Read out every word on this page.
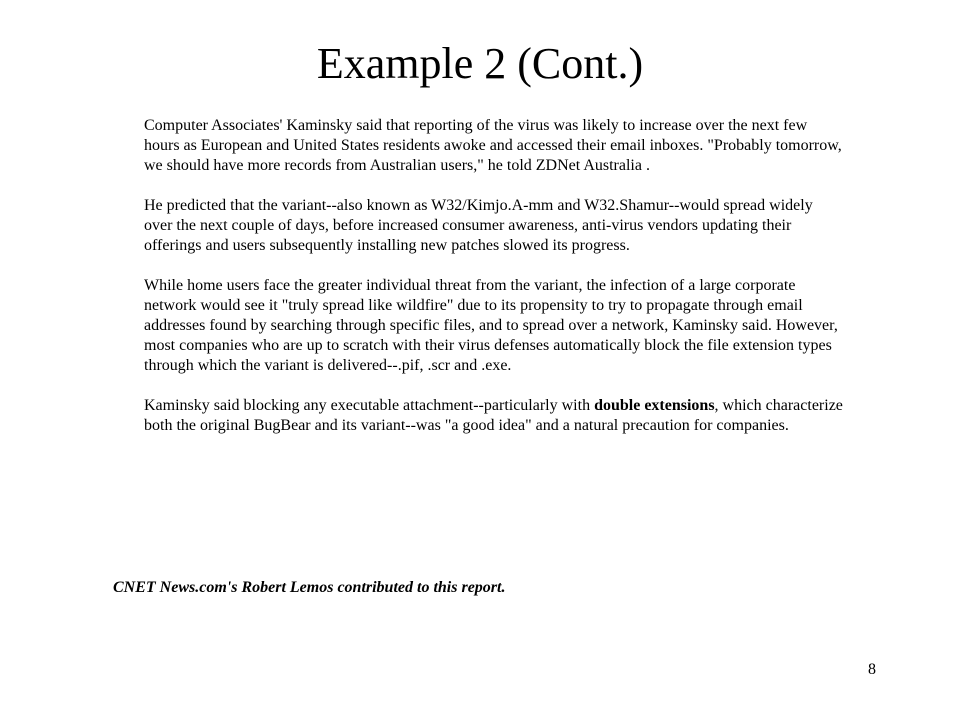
Example 2 (Cont.)

Computer Associates' Kaminsky said that reporting of the virus was likely to increase over the next few hours as European and United States residents awoke and accessed their email inboxes. "Probably tomorrow, we should have more records from Australian users," he told ZDNet Australia .

He predicted that the variant--also known as W32/Kimjo.A-mm and W32.Shamur--would spread widely over the next couple of days, before increased consumer awareness, anti-virus vendors updating their offerings and users subsequently installing new patches slowed its progress.

While home users face the greater individual threat from the variant, the infection of a large corporate network would see it "truly spread like wildfire" due to its propensity to try to propagate through email addresses found by searching through specific files, and to spread over a network, Kaminsky said. However, most companies who are up to scratch with their virus defenses automatically block the file extension types through which the variant is delivered--.pif, .scr and .exe.

Kaminsky said blocking any executable attachment--particularly with double extensions, which characterize both the original BugBear and its variant--was "a good idea" and a natural precaution for companies.

CNET News.com's Robert Lemos contributed to this report.
8
